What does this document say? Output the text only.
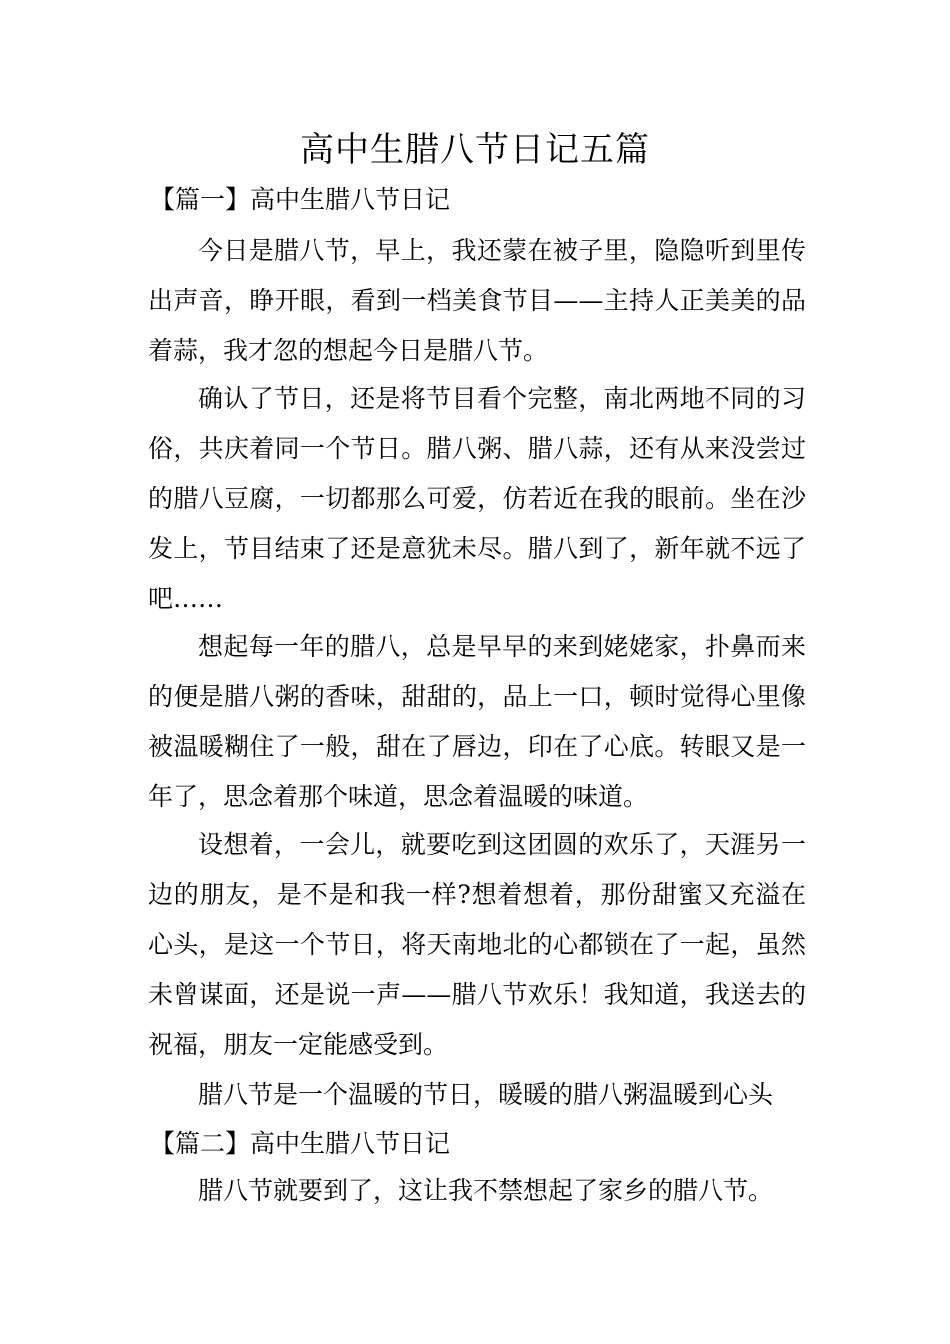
高中生腊八节日记五篇
【篇一】高中生腊八节日记

今日是腊八节，早上，我还蒙在被子里，隐隐听到里传出声音，睁开眼，看到一档美食节目——主持人正美美的品着蒜，我才忽的想起今日是腊八节。

确认了节日，还是将节目看个完整，南北两地不同的习俗，共庆着同一个节日。腊八粥、腊八蒜，还有从来没尝过的腊八豆腐，一切都那么可爱，仿若近在我的眼前。坐在沙发上，节目结束了还是意犹未尽。腊八到了，新年就不远了吧……

想起每一年的腊八，总是早早的来到姥姥家，扑鼻而来的便是腊八粥的香味，甜甜的，品上一口，顿时觉得心里像被温暖糊住了一般，甜在了唇边，印在了心底。转眼又是一年了，思念着那个味道，思念着温暖的味道。

设想着，一会儿，就要吃到这团圆的欢乐了，天涯另一边的朋友，是不是和我一样?想着想着，那份甜蜜又充溢在心头，是这一个节日，将天南地北的心都锁在了一起，虽然未曾谋面，还是说一声——腊八节欢乐！我知道，我送去的祝福，朋友一定能感受到。

腊八节是一个温暖的节日，暖暖的腊八粥温暖到心头

【篇二】高中生腊八节日记

腊八节就要到了，这让我不禁想起了家乡的腊八节。
